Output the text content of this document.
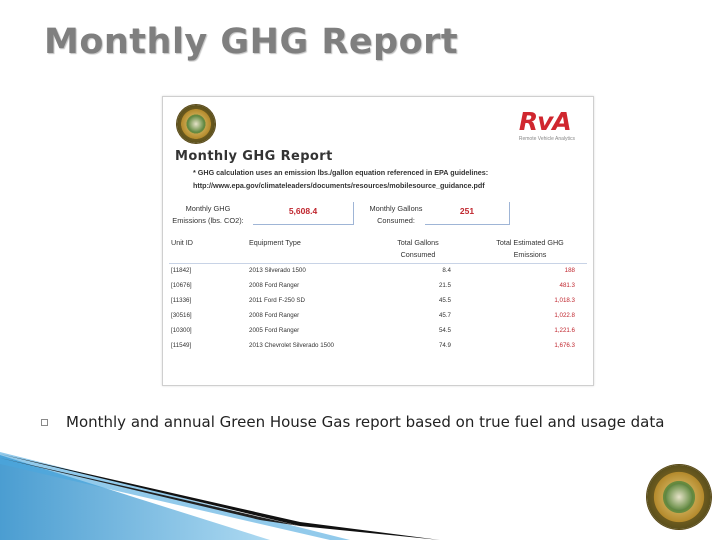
Monthly GHG Report
RvA
Remote Vehicle Analytics
Monthly GHG Report
* GHG calculation uses an emission lbs./gallon equation referenced in EPA guidelines:
http://www.epa.gov/climateleaders/documents/resources/mobilesource_guidance.pdf
Monthly GHG
Emissions (lbs. CO2):
5,608.4	Monthly Gallons
Consumed:
251
Unit ID	Equipment Type	Total Gallons
Consumed
Total Estimated GHG
Emissions
[11842]	2013 Silverado 1500	8.4	188
[10676]	2008 Ford Ranger	21.5	481.3
[11336]	2011 Ford F-250 SD	45.5	1,018.3
[30516]	2008 Ford Ranger	45.7	1,022.8
[10300]	2005 Ford Ranger	54.5	1,221.6
[11549]	2013 Chevrolet Silverado 1500	74.9	1,676.3
Monthly and annual Green House Gas report based on true fuel and usage data
